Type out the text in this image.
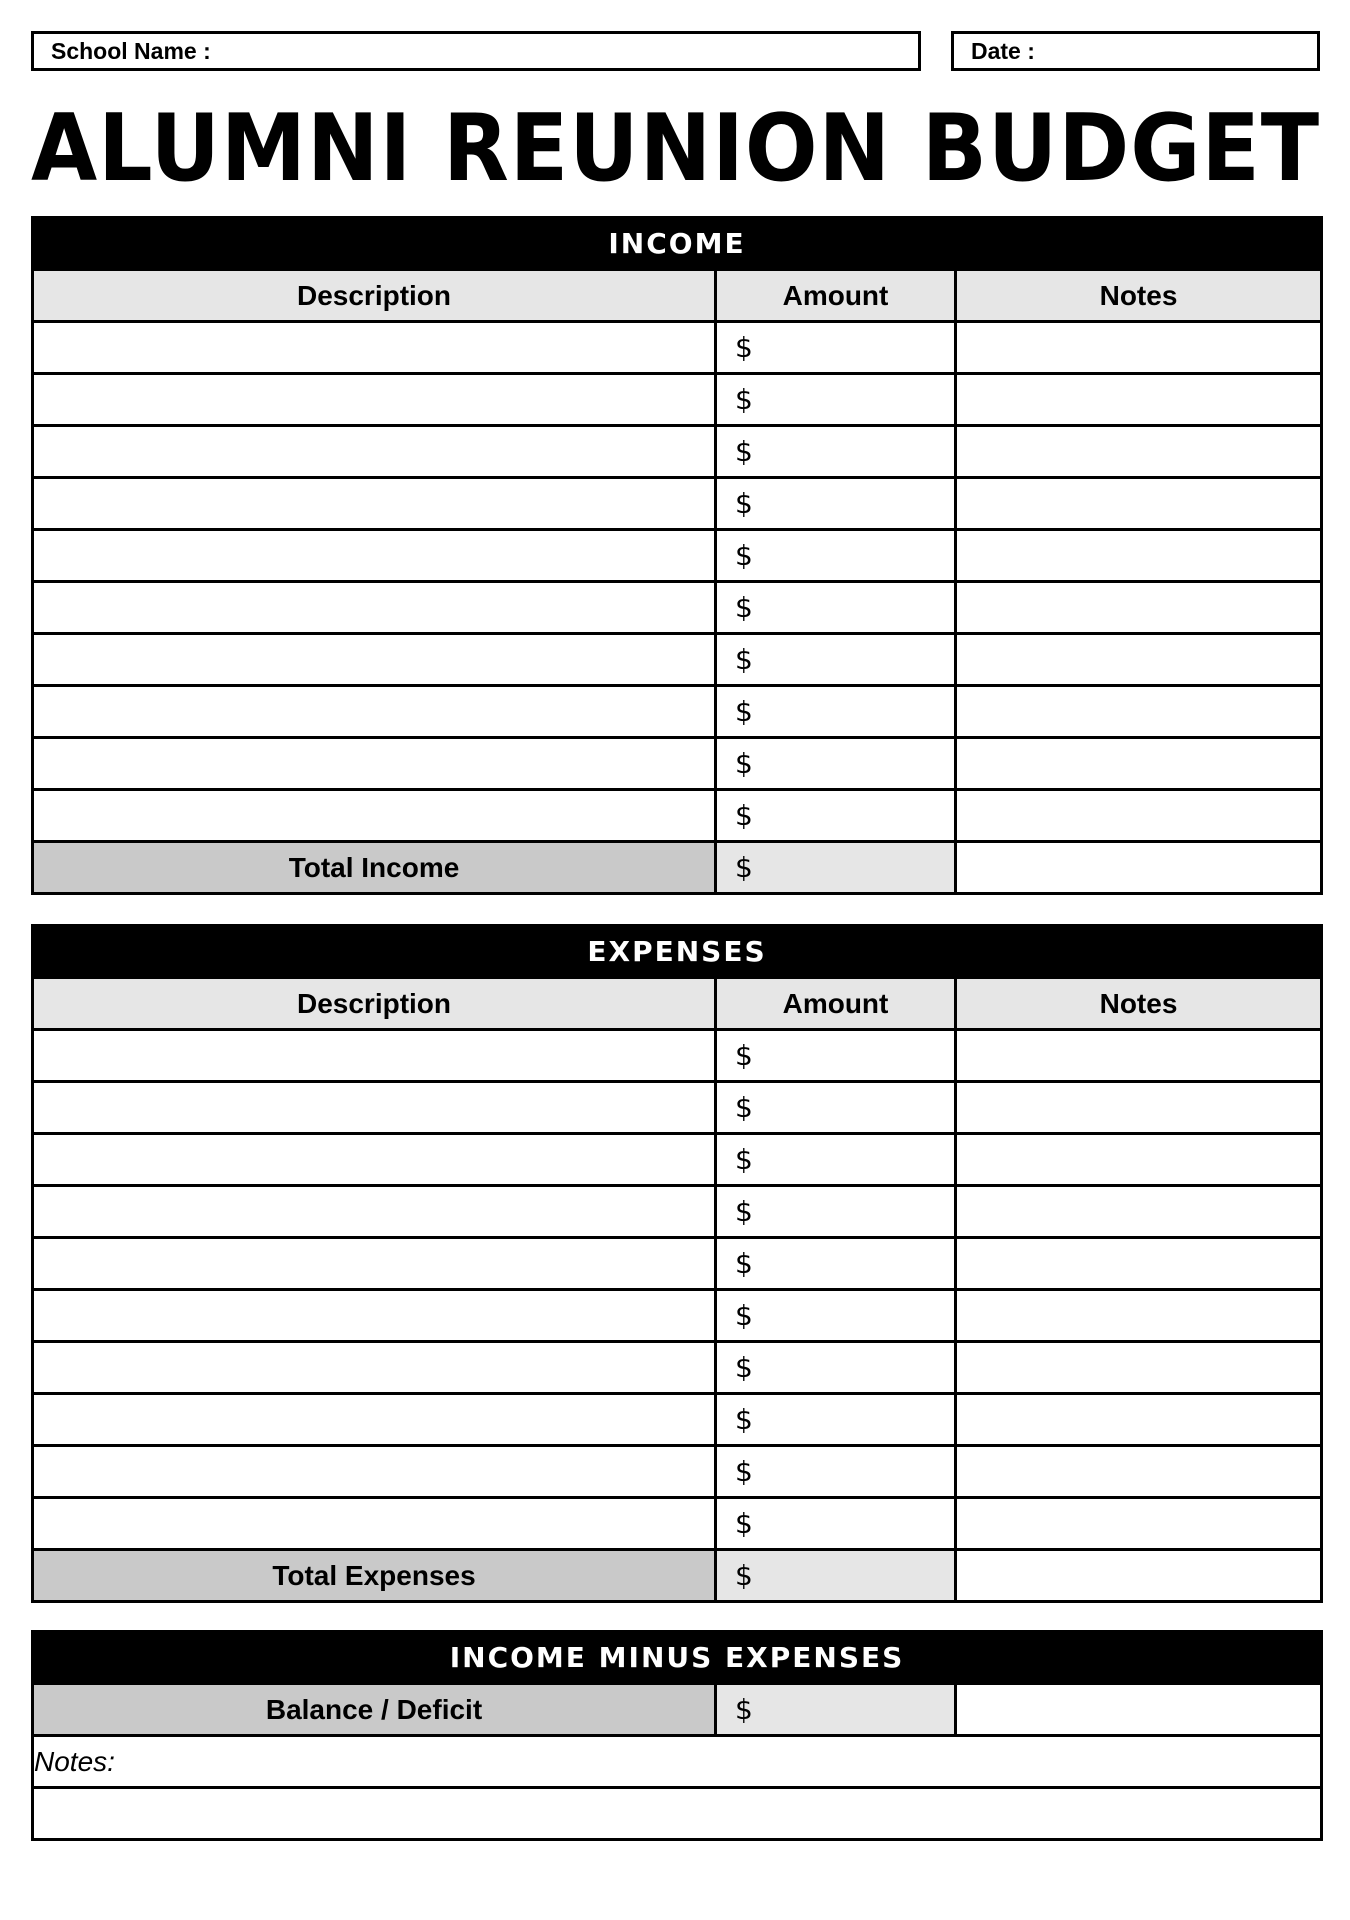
School Name :	Date :
ALUMNI REUNION BUDGET
INCOME		
Description	Amount	Notes
	$	
	$	
	$	
	$	
	$	
	$	
	$	
	$	
	$	
	$	
Total Income	$	
EXPENSES		
Description	Amount	Notes
	$	
	$	
	$	
	$	
	$	
	$	
	$	
	$	
	$	
	$	
Total Expenses	$	
INCOME MINUS EXPENSES
Balance / Deficit	$	
Notes:
